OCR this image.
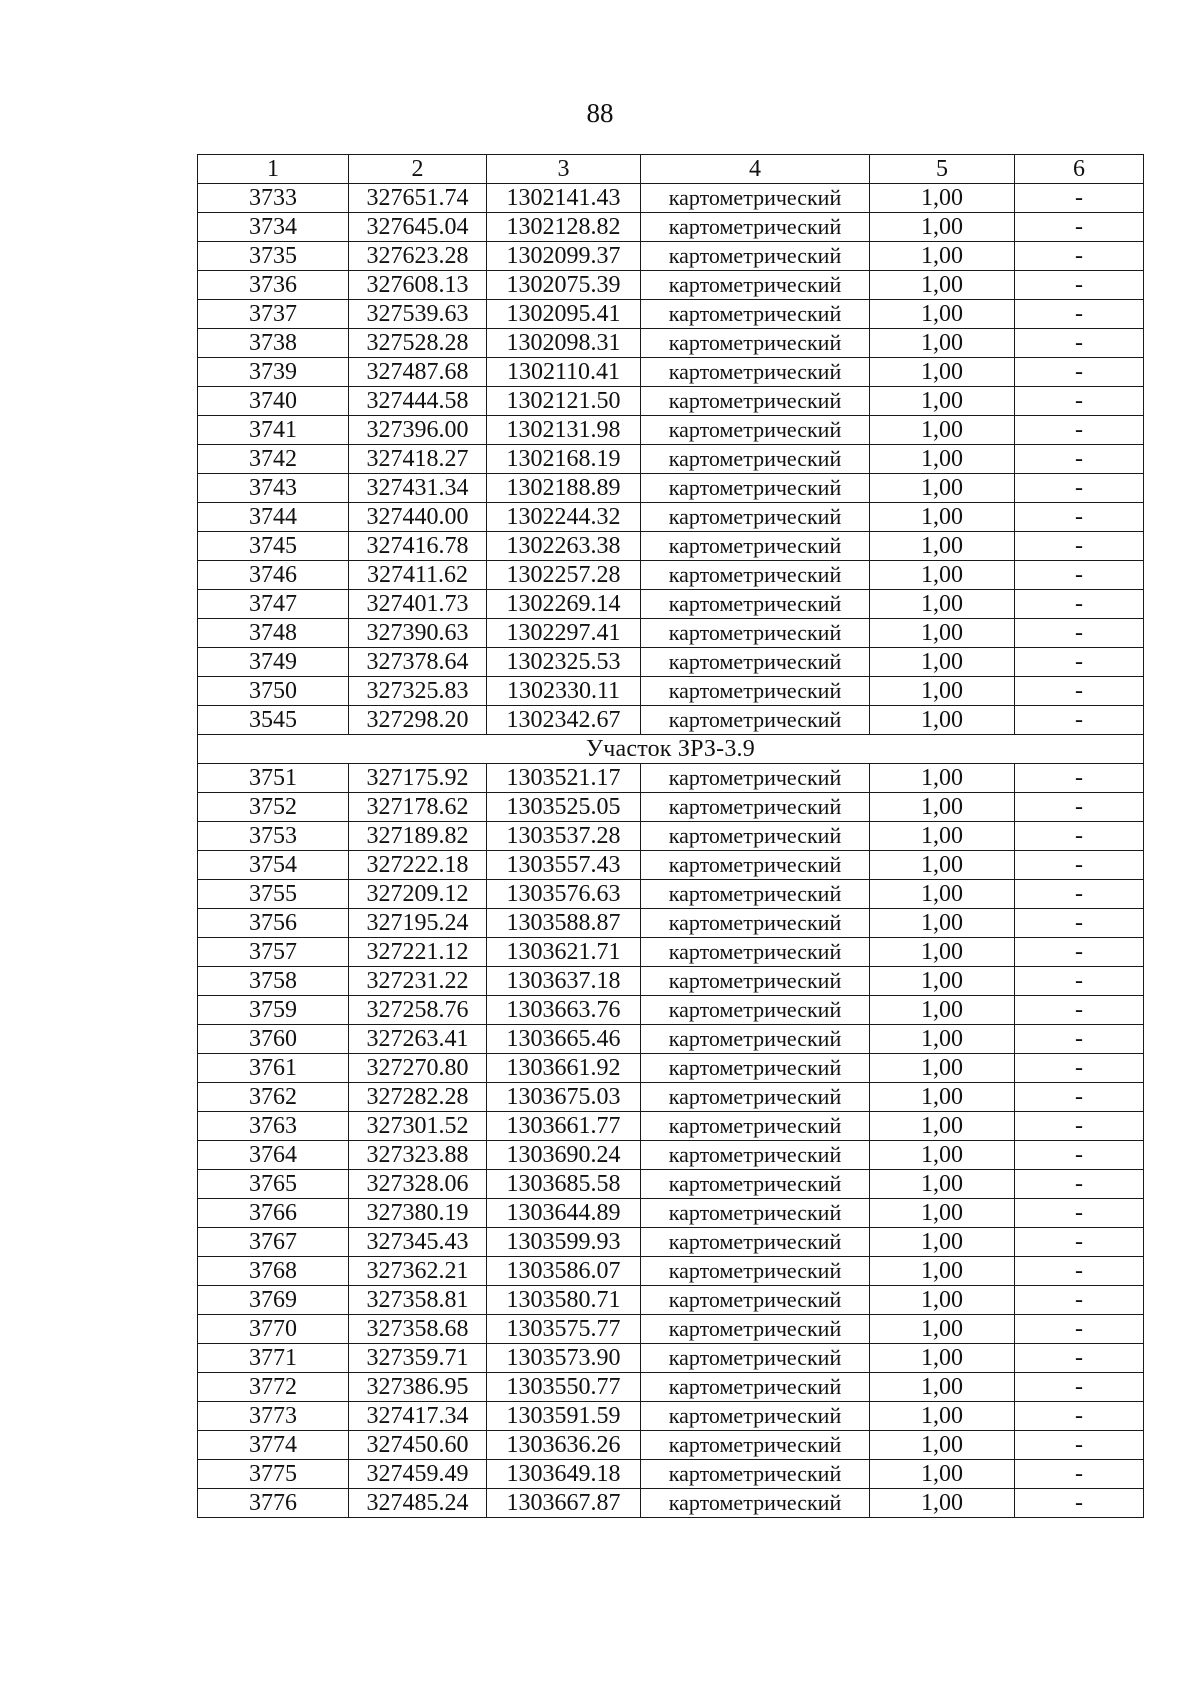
88
1	2	3	4	5	6
3733	327651.74	1302141.43	картометрический	1,00	-
3734	327645.04	1302128.82	картометрический	1,00	-
3735	327623.28	1302099.37	картометрический	1,00	-
3736	327608.13	1302075.39	картометрический	1,00	-
3737	327539.63	1302095.41	картометрический	1,00	-
3738	327528.28	1302098.31	картометрический	1,00	-
3739	327487.68	1302110.41	картометрический	1,00	-
3740	327444.58	1302121.50	картометрический	1,00	-
3741	327396.00	1302131.98	картометрический	1,00	-
3742	327418.27	1302168.19	картометрический	1,00	-
3743	327431.34	1302188.89	картометрический	1,00	-
3744	327440.00	1302244.32	картометрический	1,00	-
3745	327416.78	1302263.38	картометрический	1,00	-
3746	327411.62	1302257.28	картометрический	1,00	-
3747	327401.73	1302269.14	картометрический	1,00	-
3748	327390.63	1302297.41	картометрический	1,00	-
3749	327378.64	1302325.53	картометрический	1,00	-
3750	327325.83	1302330.11	картометрический	1,00	-
3545	327298.20	1302342.67	картометрический	1,00	-
Участок ЗРЗ-3.9					
3751	327175.92	1303521.17	картометрический	1,00	-
3752	327178.62	1303525.05	картометрический	1,00	-
3753	327189.82	1303537.28	картометрический	1,00	-
3754	327222.18	1303557.43	картометрический	1,00	-
3755	327209.12	1303576.63	картометрический	1,00	-
3756	327195.24	1303588.87	картометрический	1,00	-
3757	327221.12	1303621.71	картометрический	1,00	-
3758	327231.22	1303637.18	картометрический	1,00	-
3759	327258.76	1303663.76	картометрический	1,00	-
3760	327263.41	1303665.46	картометрический	1,00	-
3761	327270.80	1303661.92	картометрический	1,00	-
3762	327282.28	1303675.03	картометрический	1,00	-
3763	327301.52	1303661.77	картометрический	1,00	-
3764	327323.88	1303690.24	картометрический	1,00	-
3765	327328.06	1303685.58	картометрический	1,00	-
3766	327380.19	1303644.89	картометрический	1,00	-
3767	327345.43	1303599.93	картометрический	1,00	-
3768	327362.21	1303586.07	картометрический	1,00	-
3769	327358.81	1303580.71	картометрический	1,00	-
3770	327358.68	1303575.77	картометрический	1,00	-
3771	327359.71	1303573.90	картометрический	1,00	-
3772	327386.95	1303550.77	картометрический	1,00	-
3773	327417.34	1303591.59	картометрический	1,00	-
3774	327450.60	1303636.26	картометрический	1,00	-
3775	327459.49	1303649.18	картометрический	1,00	-
3776	327485.24	1303667.87	картометрический	1,00	-
